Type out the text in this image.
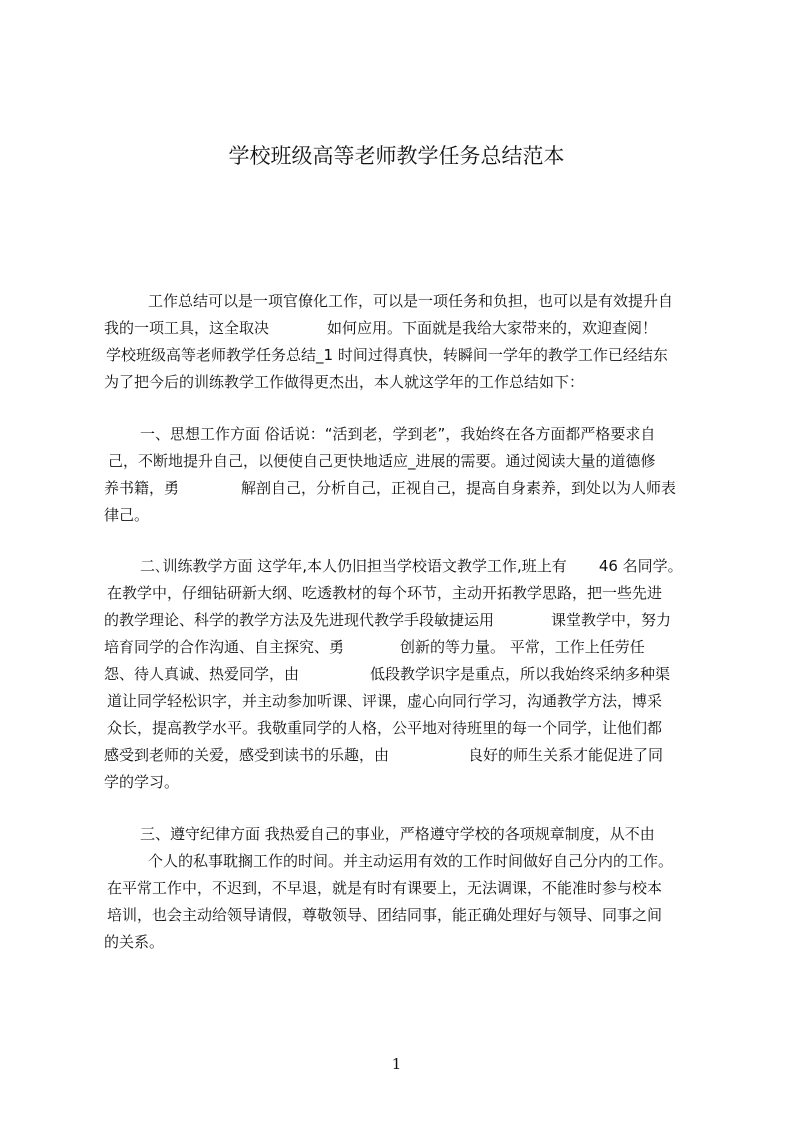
学校班级高等老师教学任务总结范本
工作总结可以是一项官僚化工作，可以是一项任务和负担，也可以是有效提升自
我的一项工具，这全取决	如何应用。下面就是我给大家带来的，欢迎查阅！
学校班级高等老师教学任务总结_1 时间过得真快，转瞬间一学年的教学工作已经结东
为了把今后的训练教学工作做得更杰出，本人就这学年的工作总结如下：
一、思想工作方面 俗话说：“活到老，学到老”，我始终在各方面都严格要求自
己，不断地提升自己，以便使自己更快地适应_进展的需要。通过阅读大量的道德修
养书籍，勇	解剖自己，分析自己，正视自己，提高自身素养，到处以为人师表
律己。
二､训练教学方面 这学年,本人仍旧担当学校语文教学工作,班上有 46 名同学。
在教学中，仔细钻研新大纲、吃透教材的每个环节，主动开拓教学思路，把一些先进
的教学理论、科学的教学方法及先进现代教学手段敏捷运用	课堂教学中，努力
培育同学的合作沟通、自主探究、勇	创新的等力量。 平常，工作上任劳任
怨、待人真诚、热爱同学，由	低段教学识字是重点，所以我始终采纳多种渠
道让同学轻松识字，并主动参加听课、评课，虚心向同行学习，沟通教学方法，博采
众长，提高教学水平。我敬重同学的人格，公平地对待班里的每一个同学，让他们都
感受到老师的关爱，感受到读书的乐趣，由	良好的师生关系才能促进了同
学的学习。
三、遵守纪律方面 我热爱自己的事业，严格遵守学校的各项规章制度，从不由
个人的私事耽搁工作的时间。并主动运用有效的工作时间做好自己分内的工作。
在平常工作中，不迟到，不早退，就是有时有课要上，无法调课，不能准时参与校本
培训，也会主动给领导请假，尊敬领导、团结同事，能正确处理好与领导、同事之间
的关系。
1
